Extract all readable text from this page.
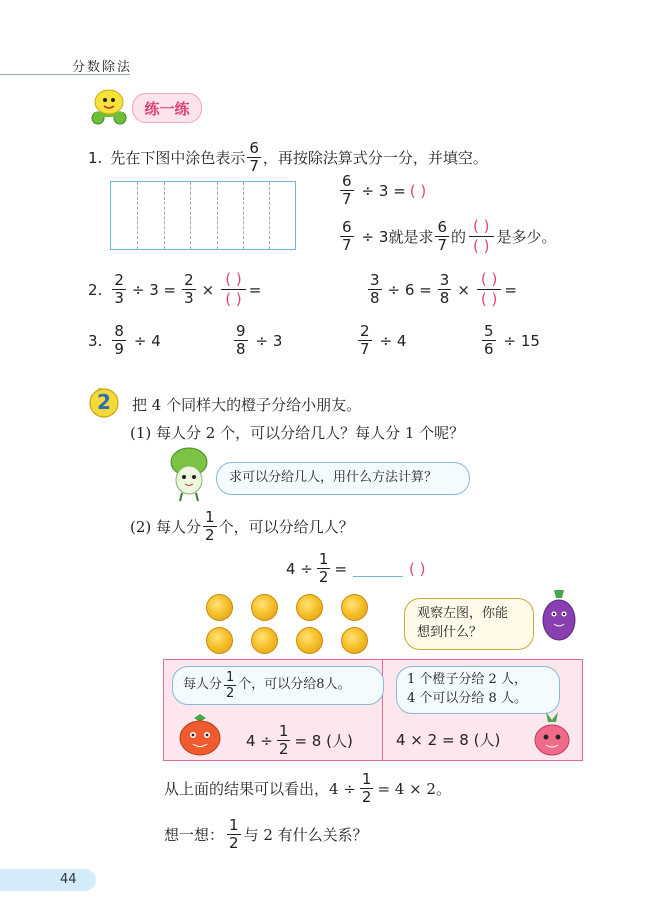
分数除法
练一练
1. 先在下图中涂色表示 $\frac{6}{7}$ ，再按除法算式分一分，并填空。
$\frac{6}{7} \div 3$ = ( )
$\frac{6}{7} \div 3$ 就是求 $\frac{6}{7}$ 的
( )
( ) 是多少。
2. $\frac{2}{3} \div 3 = \frac{2}{3}$ ×
( )
( )
=	$\frac{3}{8} \div 6 = \frac{3}{8}$ ×
( )
( )
=
3. $\frac{8}{9} \div 4$	$\frac{9}{8} \div 3$	$\frac{2}{7} \div 4$	$\frac{5}{6} \div 15$
2	把 4 个同样大的橙子分给小朋友。
(1) 每人分 2 个，可以分给几人？每人分 1 个呢？
求可以分给几人，用什么方法计算？
(2) 每人分 $\frac{1}{2}$ 个，可以分给几人？
$4 \div \frac{1}{2}$ =	( )
观察左图，你能
想到什么？
每人分 $\frac{1}{2}$ 个，可以分给8人。
$4 \div \frac{1}{2} = 8$ (人)
1 个橙子分给 2 人，
4 个可以分给 8 人。
4 × 2 = 8 (人)
从上面的结果可以看出，$4 \div \frac{1}{2} = 4 \times 2$。
想一想： $\frac{1}{2}$ 与 2 有什么关系？
44
